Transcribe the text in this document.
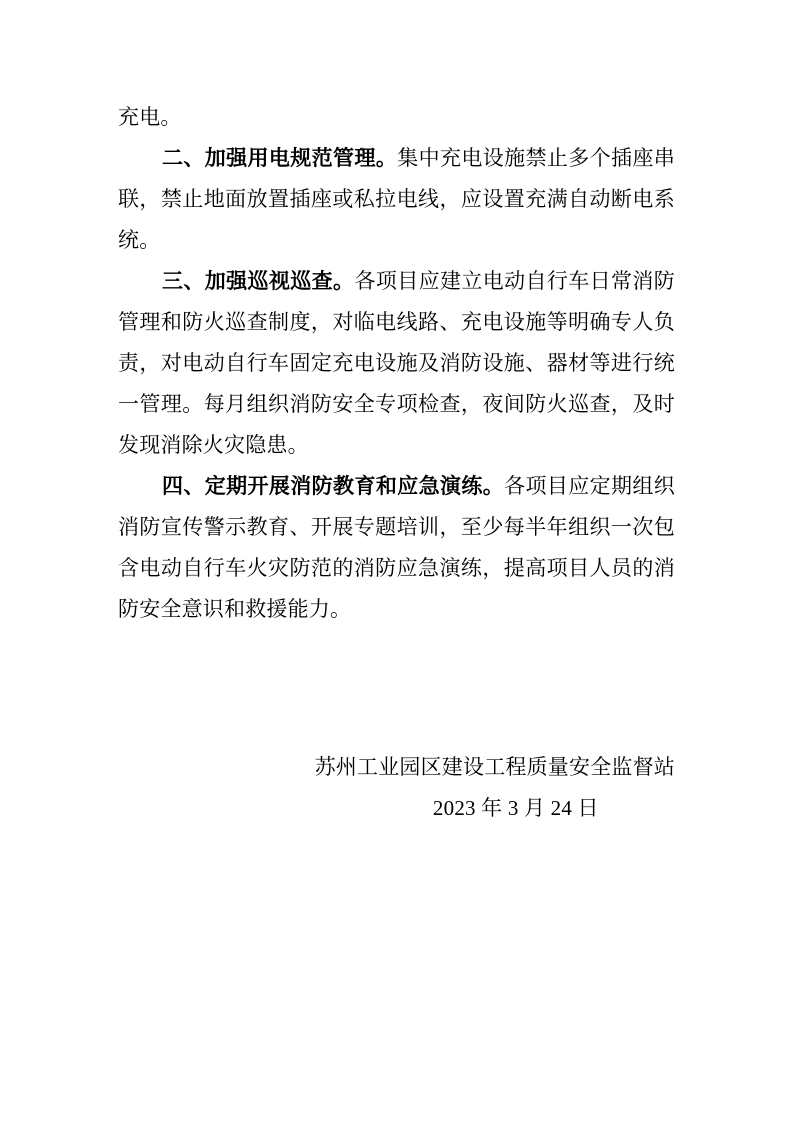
充电。
二、加强用电规范管理。集中充电设施禁止多个插座串
联，禁止地面放置插座或私拉电线，应设置充满自动断电系
统。
三、加强巡视巡查。各项目应建立电动自行车日常消防
管理和防火巡查制度，对临电线路、充电设施等明确专人负
责，对电动自行车固定充电设施及消防设施、器材等进行统
一管理。每月组织消防安全专项检查，夜间防火巡查，及时
发现消除火灾隐患。
四、定期开展消防教育和应急演练。各项目应定期组织
消防宣传警示教育、开展专题培训，至少每半年组织一次包
含电动自行车火灾防范的消防应急演练，提高项目人员的消
防安全意识和救援能力。
苏州工业园区建设工程质量安全监督站
2023 年 3 月 24 日
